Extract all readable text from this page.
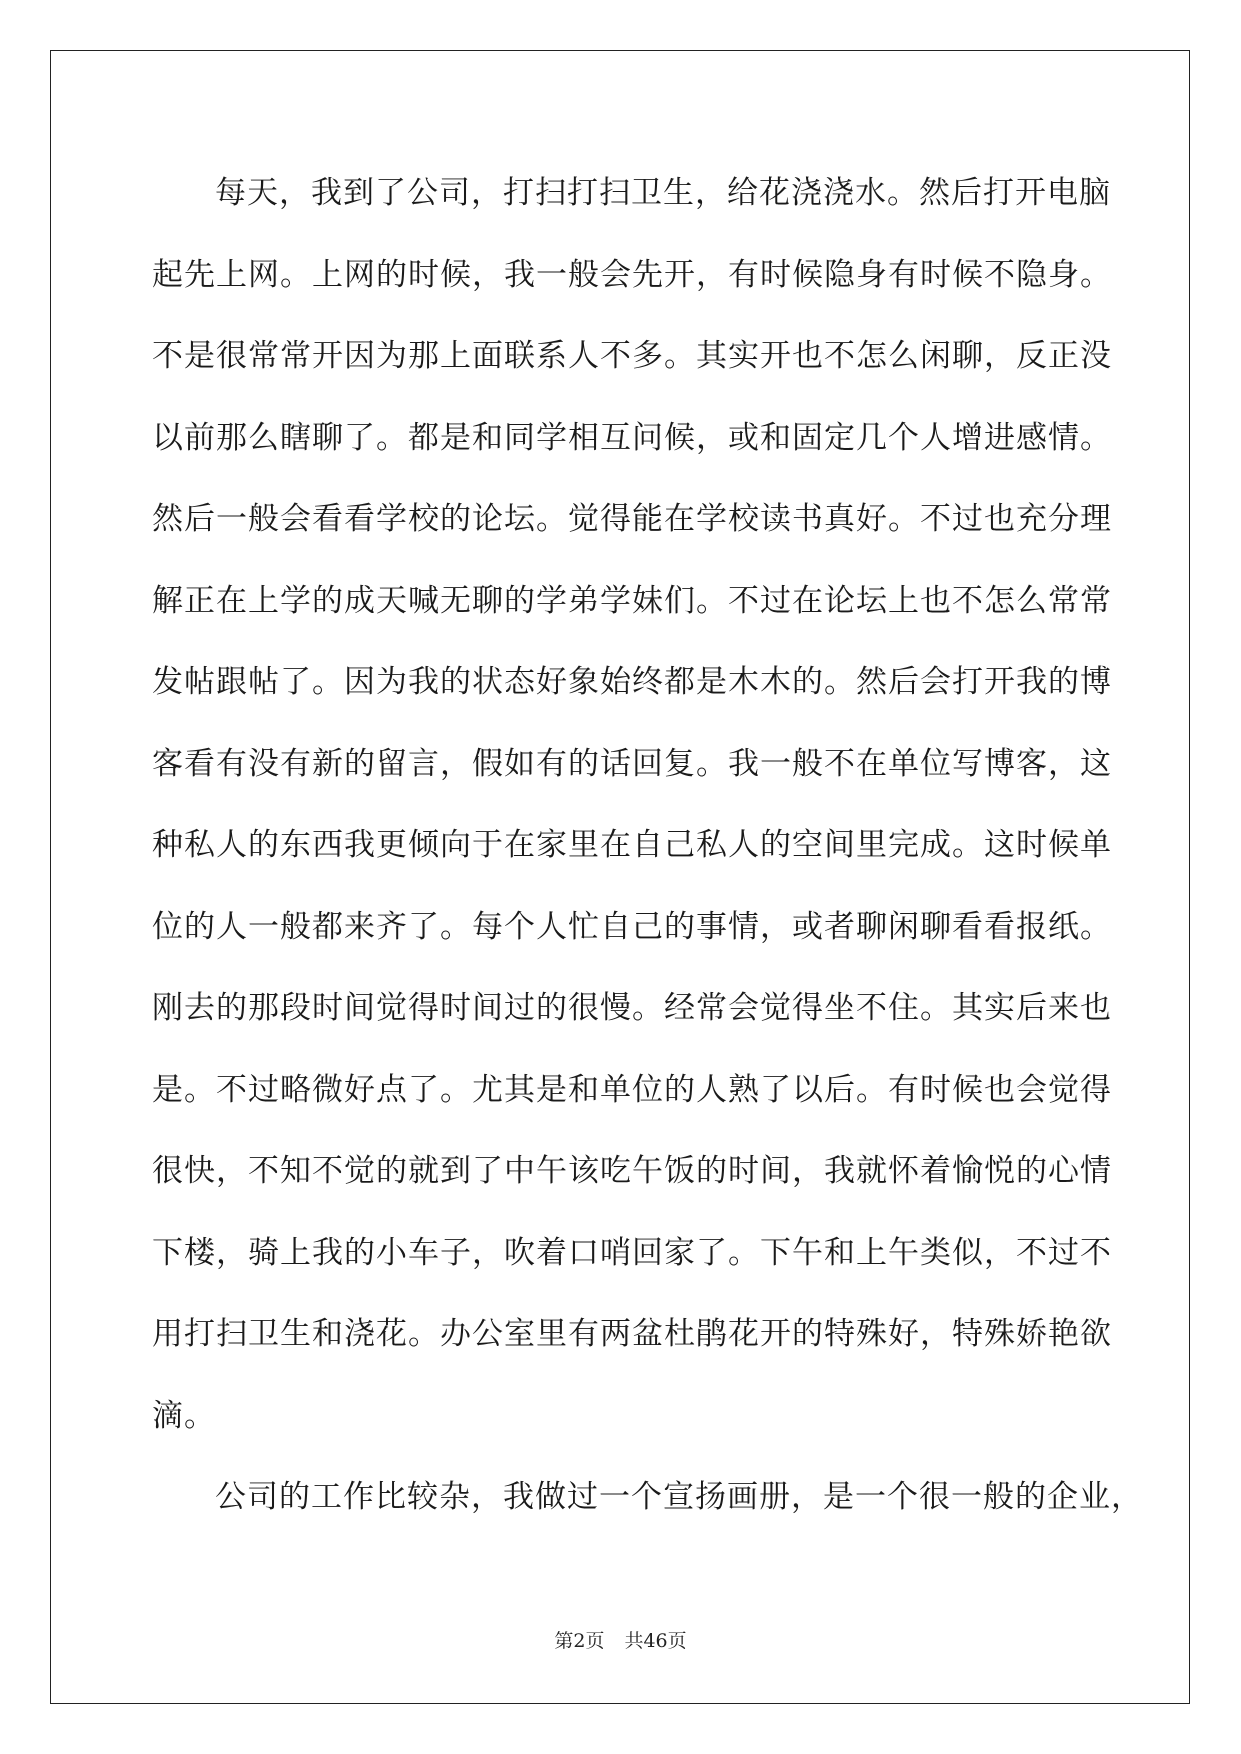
每天，我到了公司，打扫打扫卫生，给花浇浇水。然后打开电脑
起先上网。上网的时候，我一般会先开，有时候隐身有时候不隐身。
不是很常常开因为那上面联系人不多。其实开也不怎么闲聊，反正没
以前那么瞎聊了。都是和同学相互问候，或和固定几个人增进感情。
然后一般会看看学校的论坛。觉得能在学校读书真好。不过也充分理
解正在上学的成天喊无聊的学弟学妹们。不过在论坛上也不怎么常常
发帖跟帖了。因为我的状态好象始终都是木木的。然后会打开我的博
客看有没有新的留言，假如有的话回复。我一般不在单位写博客，这
种私人的东西我更倾向于在家里在自己私人的空间里完成。这时候单
位的人一般都来齐了。每个人忙自己的事情，或者聊闲聊看看报纸。
刚去的那段时间觉得时间过的很慢。经常会觉得坐不住。其实后来也
是。不过略微好点了。尤其是和单位的人熟了以后。有时候也会觉得
很快，不知不觉的就到了中午该吃午饭的时间，我就怀着愉悦的心情
下楼，骑上我的小车子，吹着口哨回家了。下午和上午类似，不过不
用打扫卫生和浇花。办公室里有两盆杜鹃花开的特殊好，特殊娇艳欲
滴。
公司的工作比较杂，我做过一个宣扬画册，是一个很一般的企业，
第2页 共46页
